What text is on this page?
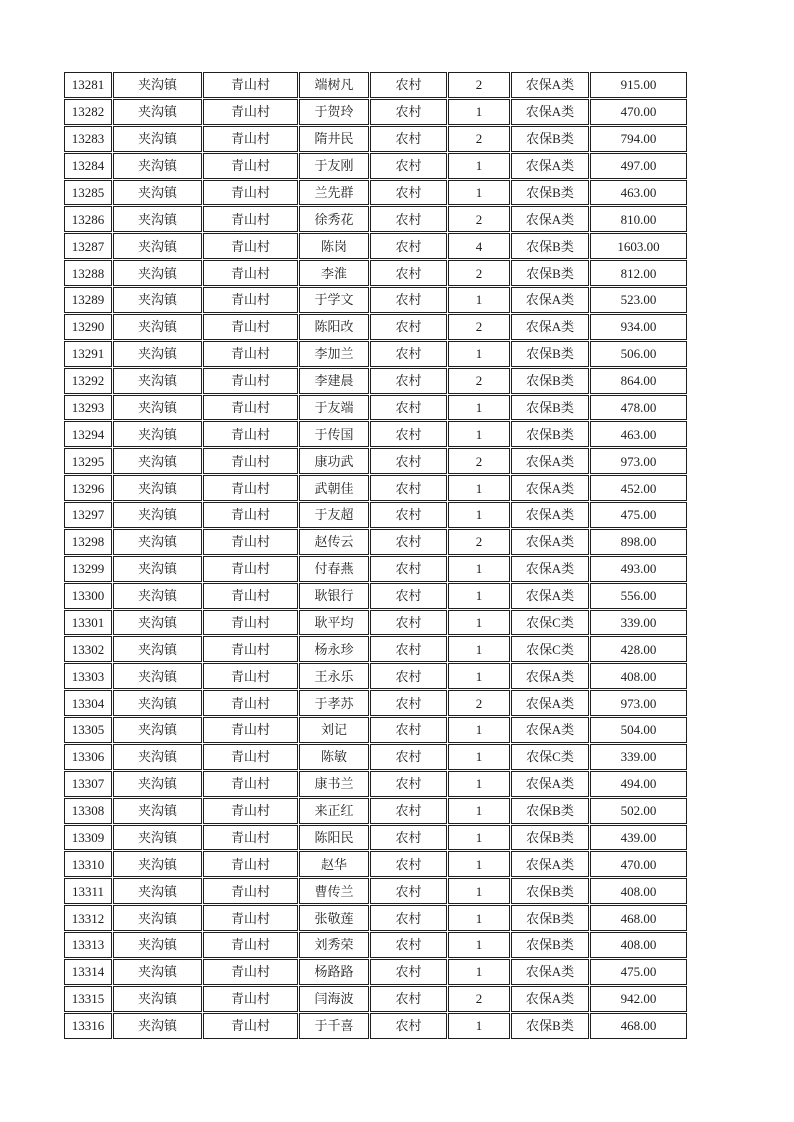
13281	夹沟镇	青山村	端树凡	农村	2	农保A类	915.00
13282	夹沟镇	青山村	于贺玲	农村	1	农保A类	470.00
13283	夹沟镇	青山村	隋井民	农村	2	农保B类	794.00
13284	夹沟镇	青山村	于友刚	农村	1	农保A类	497.00
13285	夹沟镇	青山村	兰先群	农村	1	农保B类	463.00
13286	夹沟镇	青山村	徐秀花	农村	2	农保A类	810.00
13287	夹沟镇	青山村	陈岗	农村	4	农保B类	1603.00
13288	夹沟镇	青山村	李淮	农村	2	农保B类	812.00
13289	夹沟镇	青山村	于学文	农村	1	农保A类	523.00
13290	夹沟镇	青山村	陈阳改	农村	2	农保A类	934.00
13291	夹沟镇	青山村	李加兰	农村	1	农保B类	506.00
13292	夹沟镇	青山村	李建晨	农村	2	农保B类	864.00
13293	夹沟镇	青山村	于友端	农村	1	农保B类	478.00
13294	夹沟镇	青山村	于传国	农村	1	农保B类	463.00
13295	夹沟镇	青山村	康功武	农村	2	农保A类	973.00
13296	夹沟镇	青山村	武朝佳	农村	1	农保A类	452.00
13297	夹沟镇	青山村	于友超	农村	1	农保A类	475.00
13298	夹沟镇	青山村	赵传云	农村	2	农保A类	898.00
13299	夹沟镇	青山村	付春燕	农村	1	农保A类	493.00
13300	夹沟镇	青山村	耿银行	农村	1	农保A类	556.00
13301	夹沟镇	青山村	耿平均	农村	1	农保C类	339.00
13302	夹沟镇	青山村	杨永珍	农村	1	农保C类	428.00
13303	夹沟镇	青山村	王永乐	农村	1	农保A类	408.00
13304	夹沟镇	青山村	于孝苏	农村	2	农保A类	973.00
13305	夹沟镇	青山村	刘记	农村	1	农保A类	504.00
13306	夹沟镇	青山村	陈敏	农村	1	农保C类	339.00
13307	夹沟镇	青山村	康书兰	农村	1	农保A类	494.00
13308	夹沟镇	青山村	来正红	农村	1	农保B类	502.00
13309	夹沟镇	青山村	陈阳民	农村	1	农保B类	439.00
13310	夹沟镇	青山村	赵华	农村	1	农保A类	470.00
13311	夹沟镇	青山村	曹传兰	农村	1	农保B类	408.00
13312	夹沟镇	青山村	张敬莲	农村	1	农保B类	468.00
13313	夹沟镇	青山村	刘秀荣	农村	1	农保B类	408.00
13314	夹沟镇	青山村	杨路路	农村	1	农保A类	475.00
13315	夹沟镇	青山村	闫海波	农村	2	农保A类	942.00
13316	夹沟镇	青山村	于千喜	农村	1	农保B类	468.00
